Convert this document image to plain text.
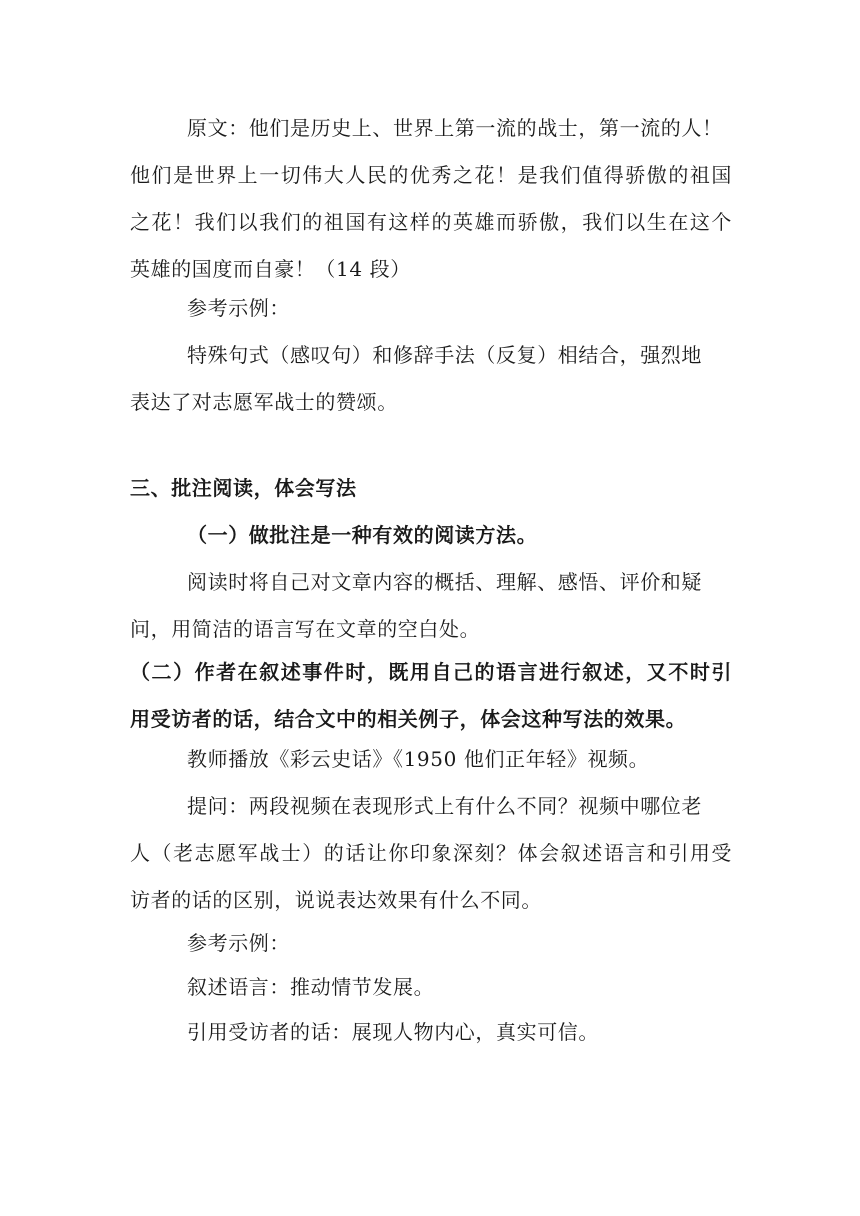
原文：他们是历史上、世界上第一流的战士，第一流的人！
他们是世界上一切伟大人民的优秀之花！是我们值得骄傲的祖国
之花！我们以我们的祖国有这样的英雄而骄傲，我们以生在这个
英雄的国度而自豪！（14 段）
参考示例：
特殊句式（感叹句）和修辞手法（反复）相结合，强烈地
表达了对志愿军战士的赞颂。
三、批注阅读，体会写法
（一）做批注是一种有效的阅读方法。
阅读时将自己对文章内容的概括、理解、感悟、评价和疑
问，用简洁的语言写在文章的空白处。
（二）作者在叙述事件时，既用自己的语言进行叙述，又不时引
用受访者的话，结合文中的相关例子，体会这种写法的效果。
教师播放《彩云史话》《1950 他们正年轻》视频。
提问：两段视频在表现形式上有什么不同？视频中哪位老
人（老志愿军战士）的话让你印象深刻？体会叙述语言和引用受
访者的话的区别，说说表达效果有什么不同。
参考示例：
叙述语言：推动情节发展。
引用受访者的话：展现人物内心，真实可信。
